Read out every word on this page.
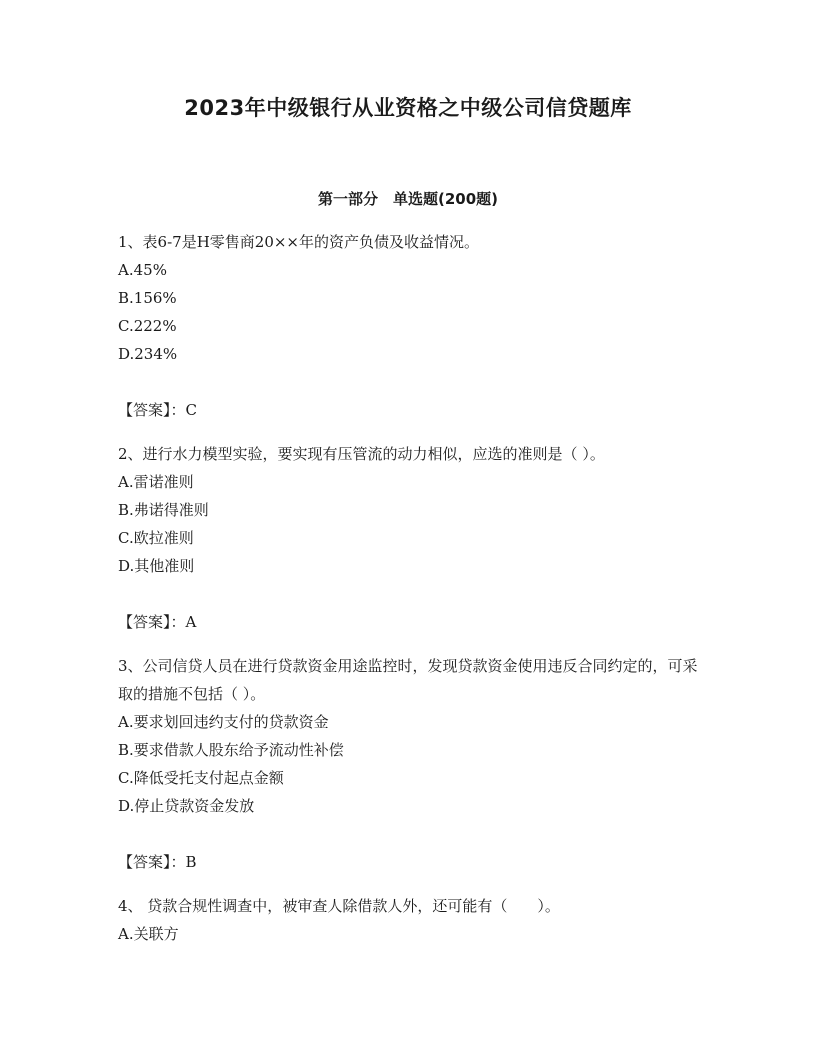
2023年中级银行从业资格之中级公司信贷题库
第一部分　单选题(200题)

1、表6-7是H零售商20××年的资产负债及收益情况。

A.45%

B.156%

C.222%

D.234%

【答案】：C

2、进行水力模型实验，要实现有压管流的动力相似，应选的准则是（ ）。

A.雷诺准则

B.弗诺得准则

C.欧拉准则

D.其他准则

【答案】：A

3、公司信贷人员在进行贷款资金用途监控时，发现贷款资金使用违反合同约定的，可采取的措施不包括（ ）。

A.要求划回违约支付的贷款资金

B.要求借款人股东给予流动性补偿

C.降低受托支付起点金额

D.停止贷款资金发放

【答案】：B

4、 贷款合规性调查中，被审查人除借款人外，还可能有（　　）。

A.关联方
